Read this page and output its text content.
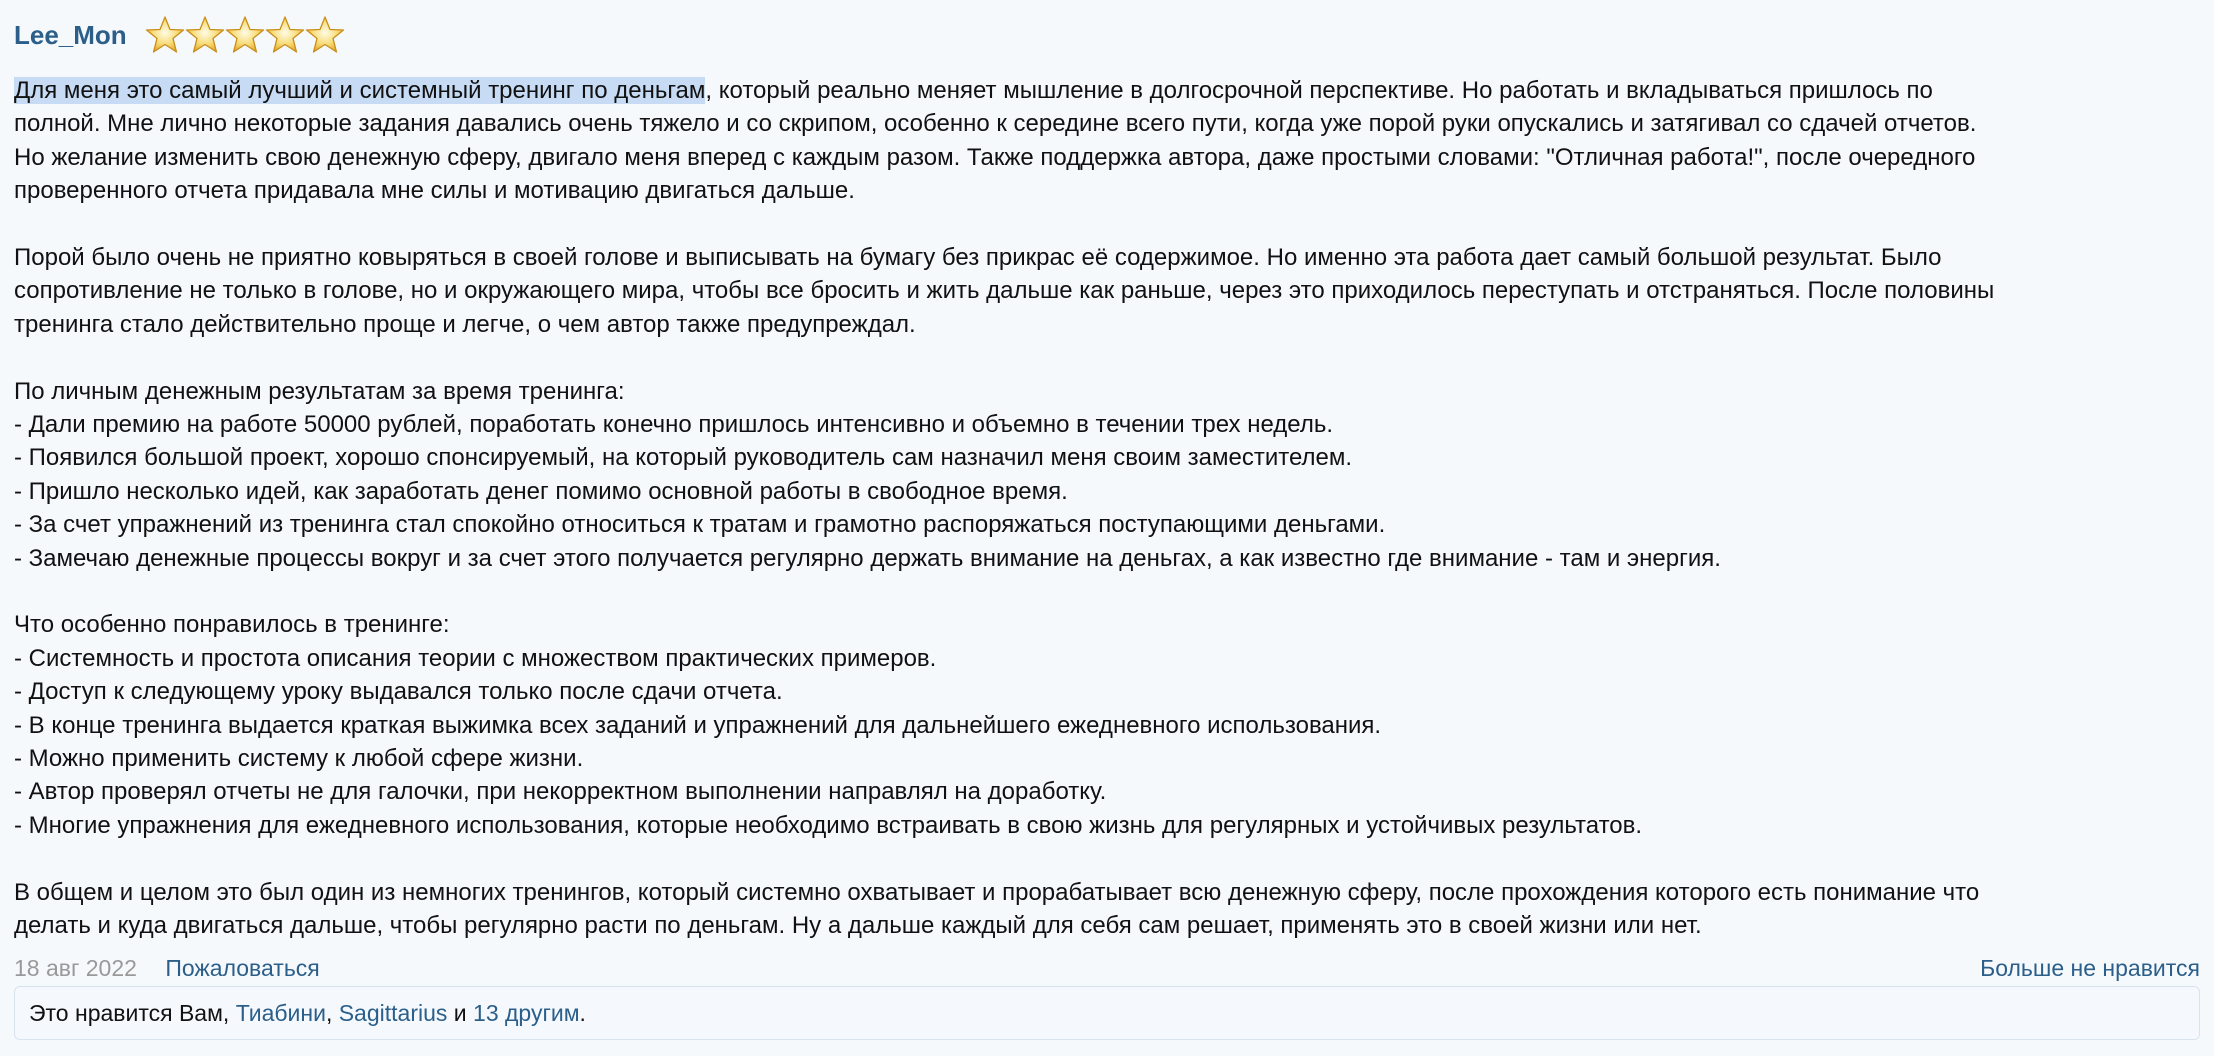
Lee_Mon
Для меня это самый лучший и системный тренинг по деньгам, который реально меняет мышление в долгосрочной перспективе. Но работать и вкладываться пришлось по
полной. Мне лично некоторые задания давались очень тяжело и со скрипом, особенно к середине всего пути, когда уже порой руки опускались и затягивал со сдачей отчетов.
Но желание изменить свою денежную сферу, двигало меня вперед с каждым разом. Также поддержка автора, даже простыми словами: "Отличная работа!", после очередного
проверенного отчета придавала мне силы и мотивацию двигаться дальше.
Порой было очень не приятно ковыряться в своей голове и выписывать на бумагу без прикрас её содержимое. Но именно эта работа дает самый большой результат. Было
сопротивление не только в голове, но и окружающего мира, чтобы все бросить и жить дальше как раньше, через это приходилось переступать и отстраняться. После половины
тренинга стало действительно проще и легче, о чем автор также предупреждал.
По личным денежным результатам за время тренинга:
- Дали премию на работе 50000 рублей, поработать конечно пришлось интенсивно и объемно в течении трех недель.
- Появился большой проект, хорошо спонсируемый, на который руководитель сам назначил меня своим заместителем.
- Пришло несколько идей, как заработать денег помимо основной работы в свободное время.
- За счет упражнений из тренинга стал спокойно относиться к тратам и грамотно распоряжаться поступающими деньгами.
- Замечаю денежные процессы вокруг и за счет этого получается регулярно держать внимание на деньгах, а как известно где внимание - там и энергия.
Что особенно понравилось в тренинге:
- Системность и простота описания теории с множеством практических примеров.
- Доступ к следующему уроку выдавался только после сдачи отчета.
- В конце тренинга выдается краткая выжимка всех заданий и упражнений для дальнейшего ежедневного использования.
- Можно применить систему к любой сфере жизни.
- Автор проверял отчеты не для галочки, при некорректном выполнении направлял на доработку.
- Многие упражнения для ежедневного использования, которые необходимо встраивать в свою жизнь для регулярных и устойчивых результатов.
В общем и целом это был один из немногих тренингов, который системно охватывает и прорабатывает всю денежную сферу, после прохождения которого есть понимание что
делать и куда двигаться дальше, чтобы регулярно расти по деньгам. Ну а дальше каждый для себя сам решает, применять это в своей жизни или нет.
18 авг 2022 Пожаловаться	Больше не нравится
Это нравится Вам, Тиабини , Sagittarius и 13 другим .
